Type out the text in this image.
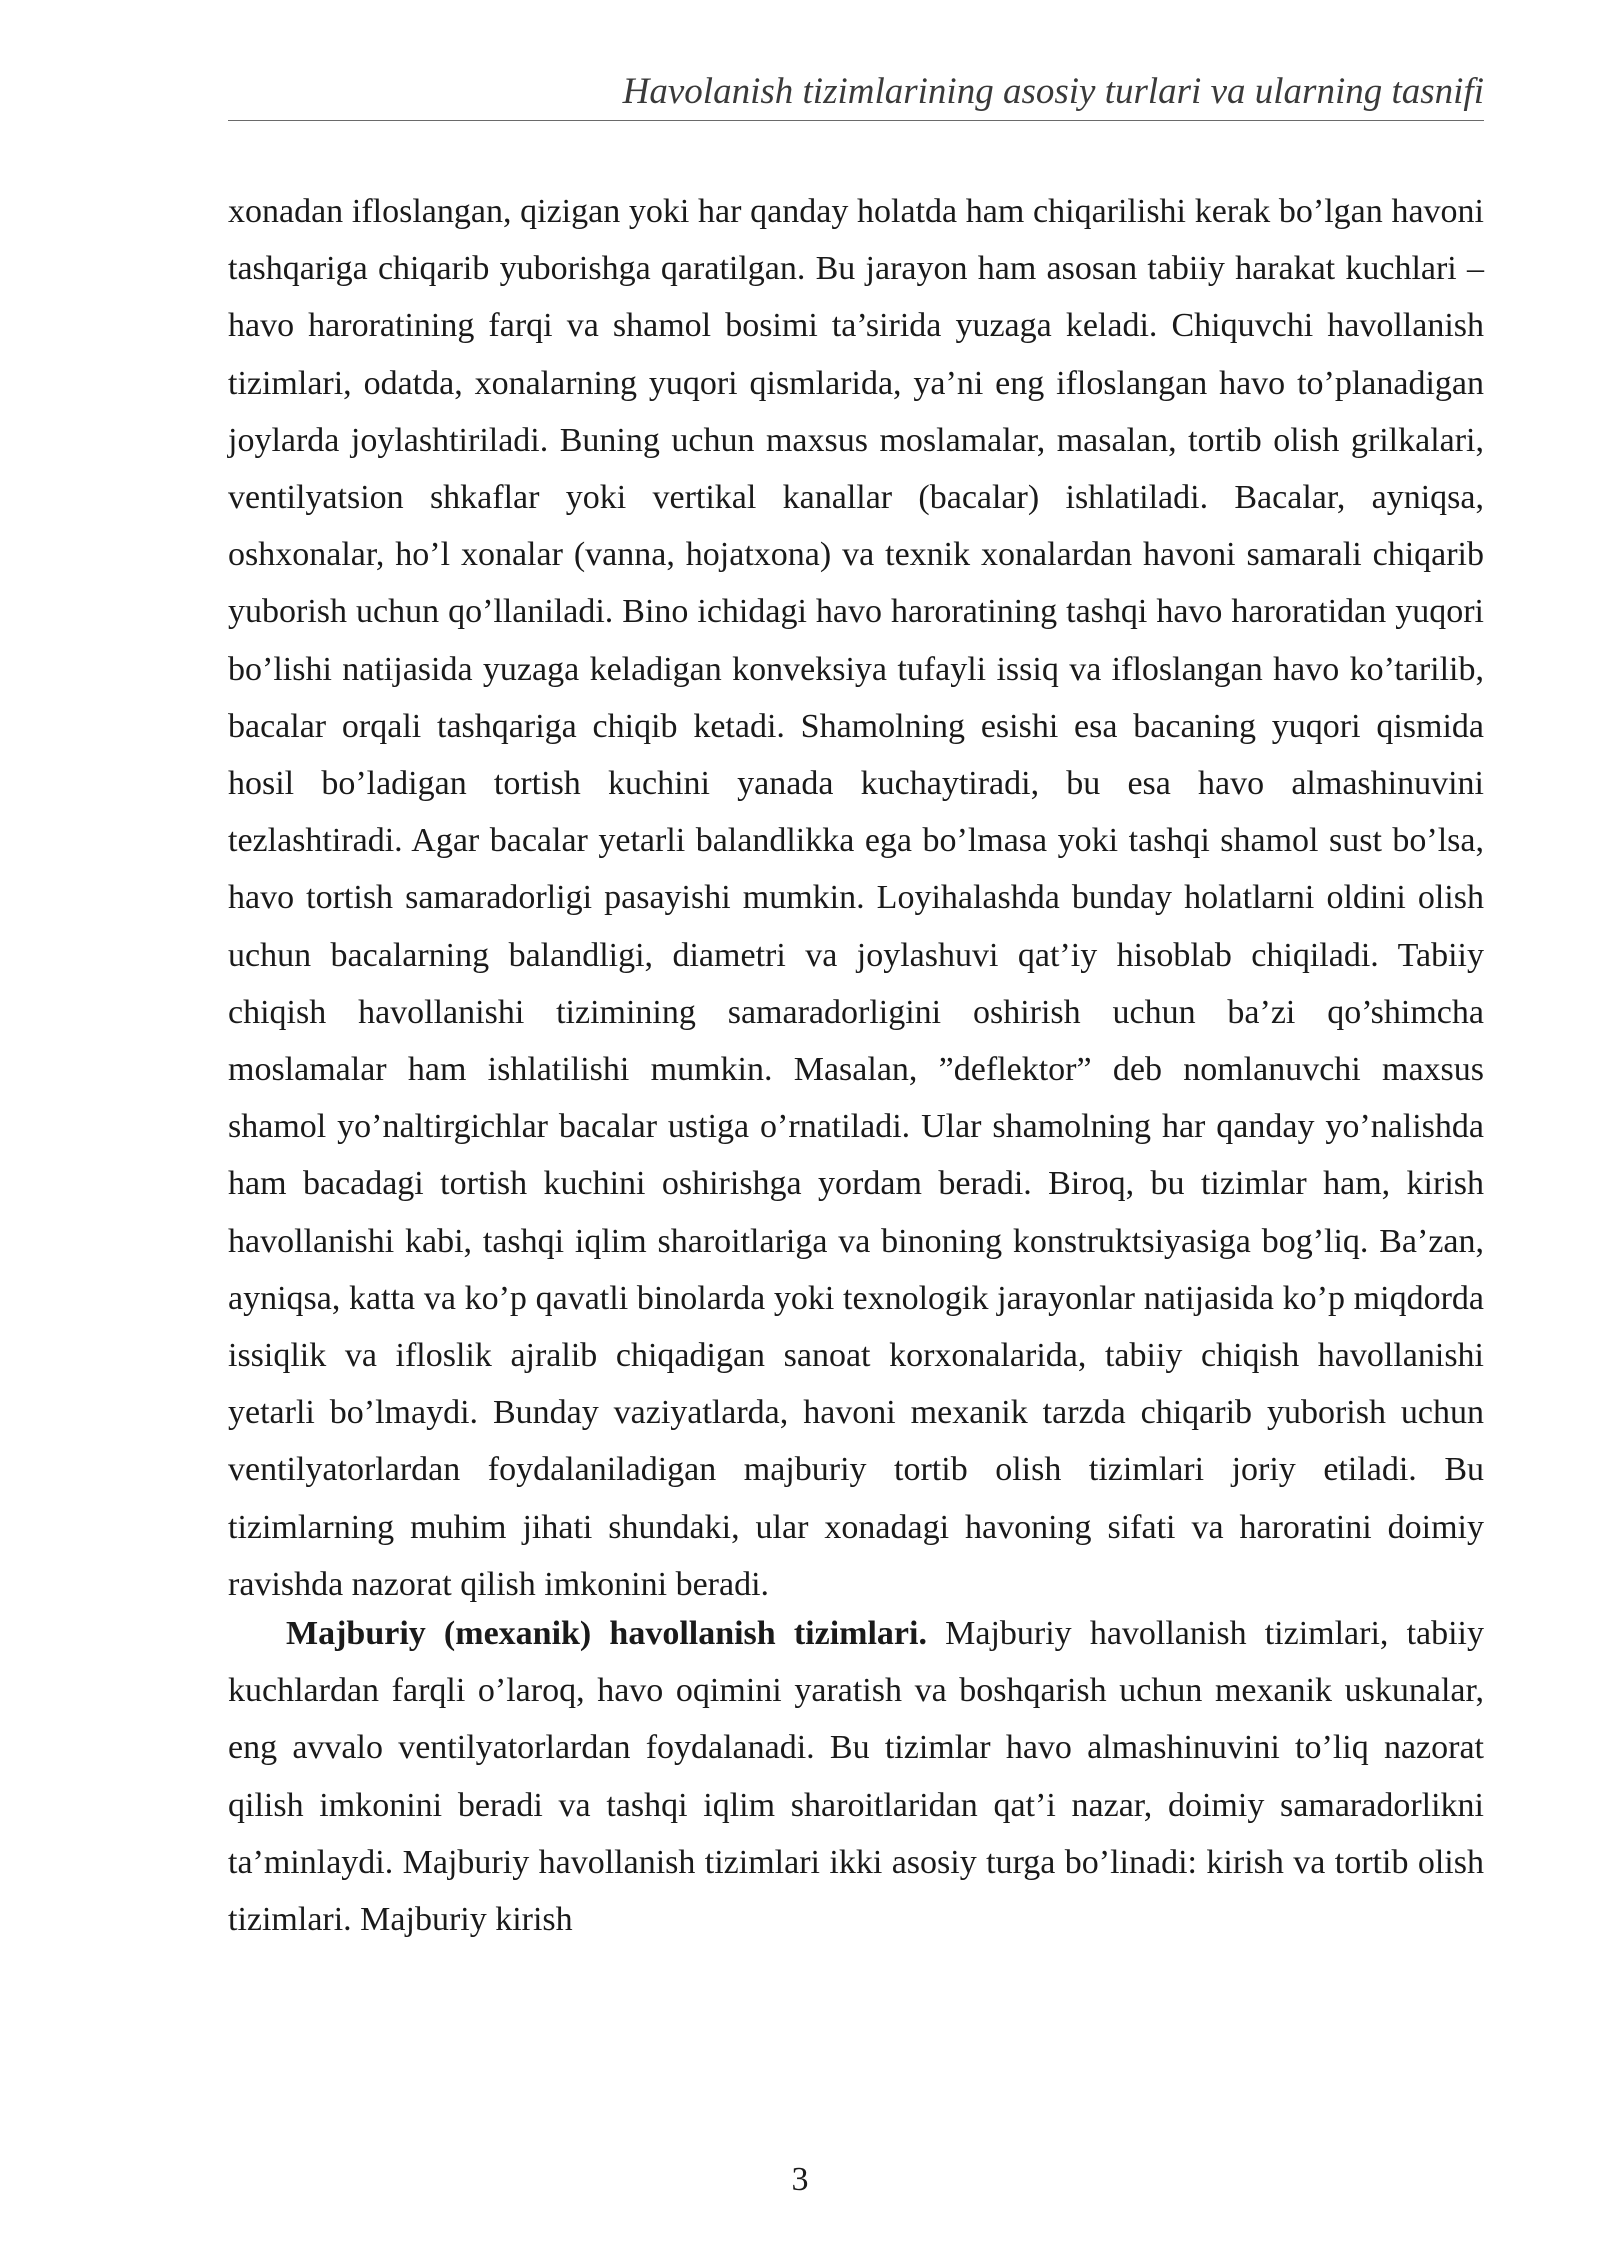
Havolanish tizimlarining asosiy turlari va ularning tasnifi

xonadan ifloslangan, qizigan yoki har qanday holatda ham chiqarilishi kerak bo’lgan havoni tashqariga chiqarib yuborishga qaratilgan. Bu jarayon ham asosan tabiiy harakat kuchlari – havo haroratining farqi va shamol bosimi ta’sirida yuzaga keladi. Chiquvchi havollanish tizimlari, odatda, xonalarning yuqori qismlarida, ya’ni eng ifloslangan havo to’planadigan joylarda joylashtiriladi. Buning uchun maxsus moslamalar, masalan, tortib olish grilkalari, ventilyatsion shkaflar yoki vertikal kanallar (bacalar) ishlatiladi. Bacalar, ayniqsa, oshxonalar, ho’l xonalar (vanna, hojatxona) va texnik xonalardan havoni samarali chiqarib yuborish uchun qo’llaniladi. Bino ichidagi havo haroratining tashqi havo haroratidan yuqori bo’lishi natijasida yuzaga keladigan konveksiya tufayli issiq va ifloslangan havo ko’tarilib, bacalar orqali tashqariga chiqib ketadi. Shamolning esishi esa bacaning yuqori qismida hosil bo’ladigan tortish kuchini yanada kuchaytiradi, bu esa havo almashinuvini tezlashtiradi. Agar bacalar yetarli balandlikka ega bo’lmasa yoki tashqi shamol sust bo’lsa, havo tortish samaradorligi pasayishi mumkin. Loyihalashda bunday holatlarni oldini olish uchun bacalarning balandligi, diametri va joylashuvi qat’iy hisoblab chiqiladi. Tabiiy chiqish havollanishi tizimining samaradorligini oshirish uchun ba’zi qo’shimcha moslamalar ham ishlatilishi mumkin. Masalan, ”deflektor” deb nomlanuvchi maxsus shamol yo’naltirgichlar bacalar ustiga o’rnatiladi. Ular shamolning har qanday yo’nalishda ham bacadagi tortish kuchini oshirishga yordam beradi. Biroq, bu tizimlar ham, kirish havollanishi kabi, tashqi iqlim sharoitlariga va binoning konstruktsiyasiga bog’liq. Ba’zan, ayniqsa, katta va ko’p qavatli binolarda yoki texnologik jarayonlar natijasida ko’p miqdorda issiqlik va ifloslik ajralib chiqadigan sanoat korxonalarida, tabiiy chiqish havollanishi yetarli bo’lmaydi. Bunday vaziyatlarda, havoni mexanik tarzda chiqarib yuborish uchun ventilyatorlardan foydalaniladigan majburiy tortib olish tizimlari joriy etiladi. Bu tizimlarning muhim jihati shundaki, ular xonadagi havoning sifati va haroratini doimiy ravishda nazorat qilish imkonini beradi.

Majburiy (mexanik) havollanish tizimlari. Majburiy havollanish tizimlari, tabiiy kuchlardan farqli o’laroq, havo oqimini yaratish va boshqarish uchun mexanik uskunalar, eng avvalo ventilyatorlardan foydalanadi. Bu tizimlar havo almashinuvini to’liq nazorat qilish imkonini beradi va tashqi iqlim sharoitlaridan qat’i nazar, doimiy samaradorlikni ta’minlaydi. Majburiy havollanish tizimlari ikki asosiy turga bo’linadi: kirish va tortib olish tizimlari. Majburiy kirish

3
